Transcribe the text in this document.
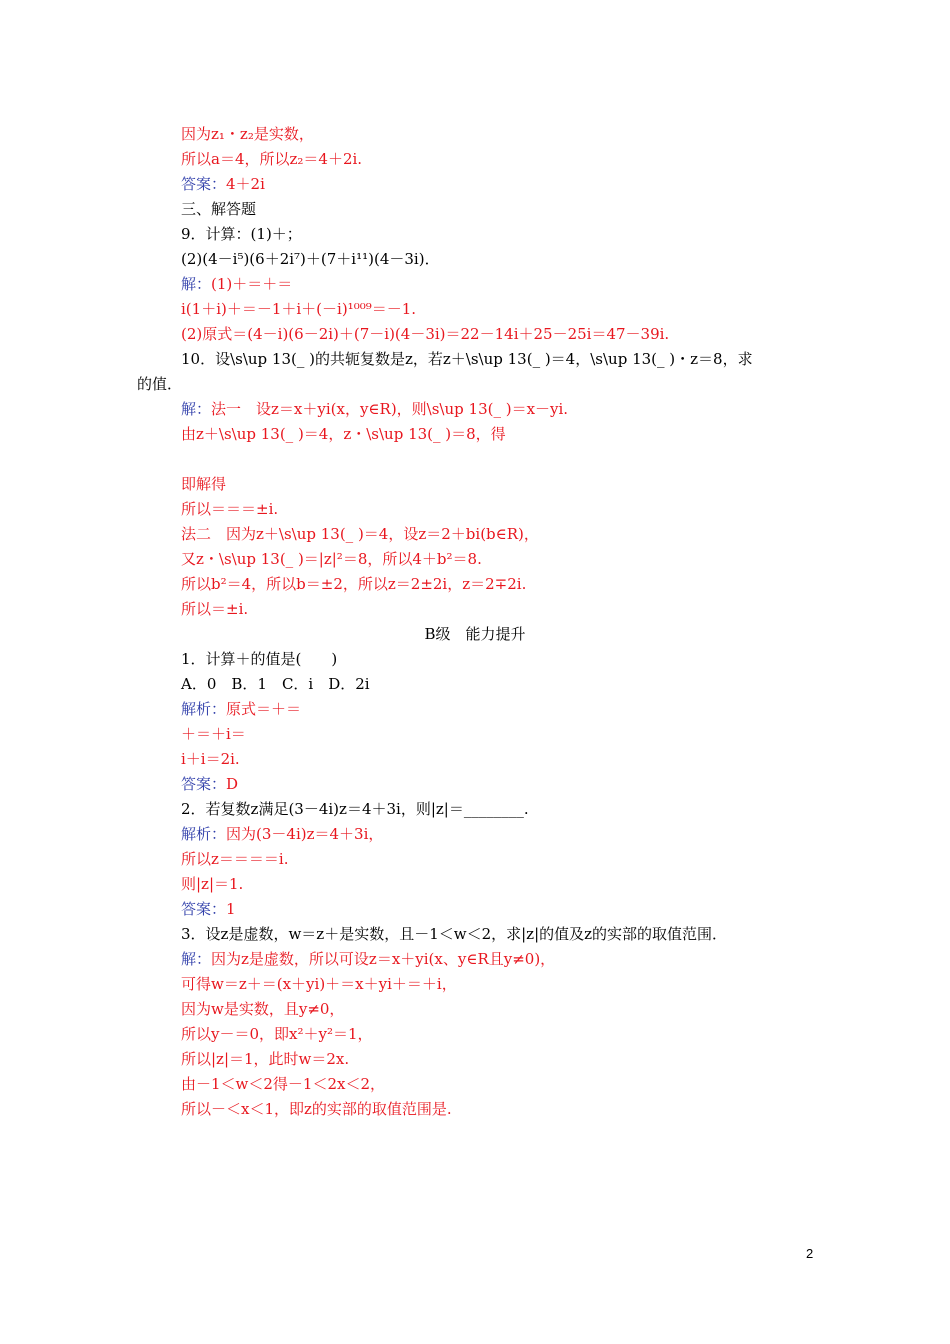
因为z₁・z₂是实数，
所以a＝4，所以z₂＝4＋2i.
答案：4＋2i
三、解答题
9．计算：(1)＋；
(2)(4－i⁵)(6＋2i⁷)＋(7＋i¹¹)(4－3i)．
解：(1)＋＝＋＝
i(1＋i)＋＝－1＋i＋(－i)¹⁰⁰⁹＝－1.
(2)原式＝(4－i)(6－2i)＋(7－i)(4－3i)＝22－14i＋25－25i＝47－39i.
10．设\s\up 13(_ )的共轭复数是z，若z＋\s\up 13(_ )＝4，\s\up 13(_ )・z＝8，求
的值．
解：法一　设z＝x＋yi(x，y∈R)，则\s\up 13(_ )＝x－yi.
由z＋\s\up 13(_ )＝4，z・\s\up 13(_ )＝8，得
即解得
所以＝＝＝±i.
法二　因为z＋\s\up 13(_ )＝4，设z＝2＋bi(b∈R)，
又z・\s\up 13(_ )＝|z|²＝8，所以4＋b²＝8.
所以b²＝4，所以b＝±2，所以z＝2±2i，z＝2∓2i.
所以＝±i.
B级　能力提升
1．计算＋的值是(　　)
A．0　B．1　C．i　D．2i
解析：原式＝＋＝
＋＝＋i＝
i＋i＝2i.
答案：D
2．若复数z满足(3－4i)z＝4＋3i，则|z|＝________.
解析：因为(3－4i)z＝4＋3i，
所以z＝＝＝＝i.
则|z|＝1.
答案：1
3．设z是虚数，w＝z＋是实数，且－1＜w＜2，求|z|的值及z的实部的取值范围．
解：因为z是虚数，所以可设z＝x＋yi(x、y∈R且y≠0)，
可得w＝z＋＝(x＋yi)＋＝x＋yi＋＝＋i，
因为w是实数，且y≠0，
所以y－＝0，即x²＋y²＝1，
所以|z|＝1，此时w＝2x.
由－1＜w＜2得－1＜2x＜2，
所以－＜x＜1，即z的实部的取值范围是.
2
